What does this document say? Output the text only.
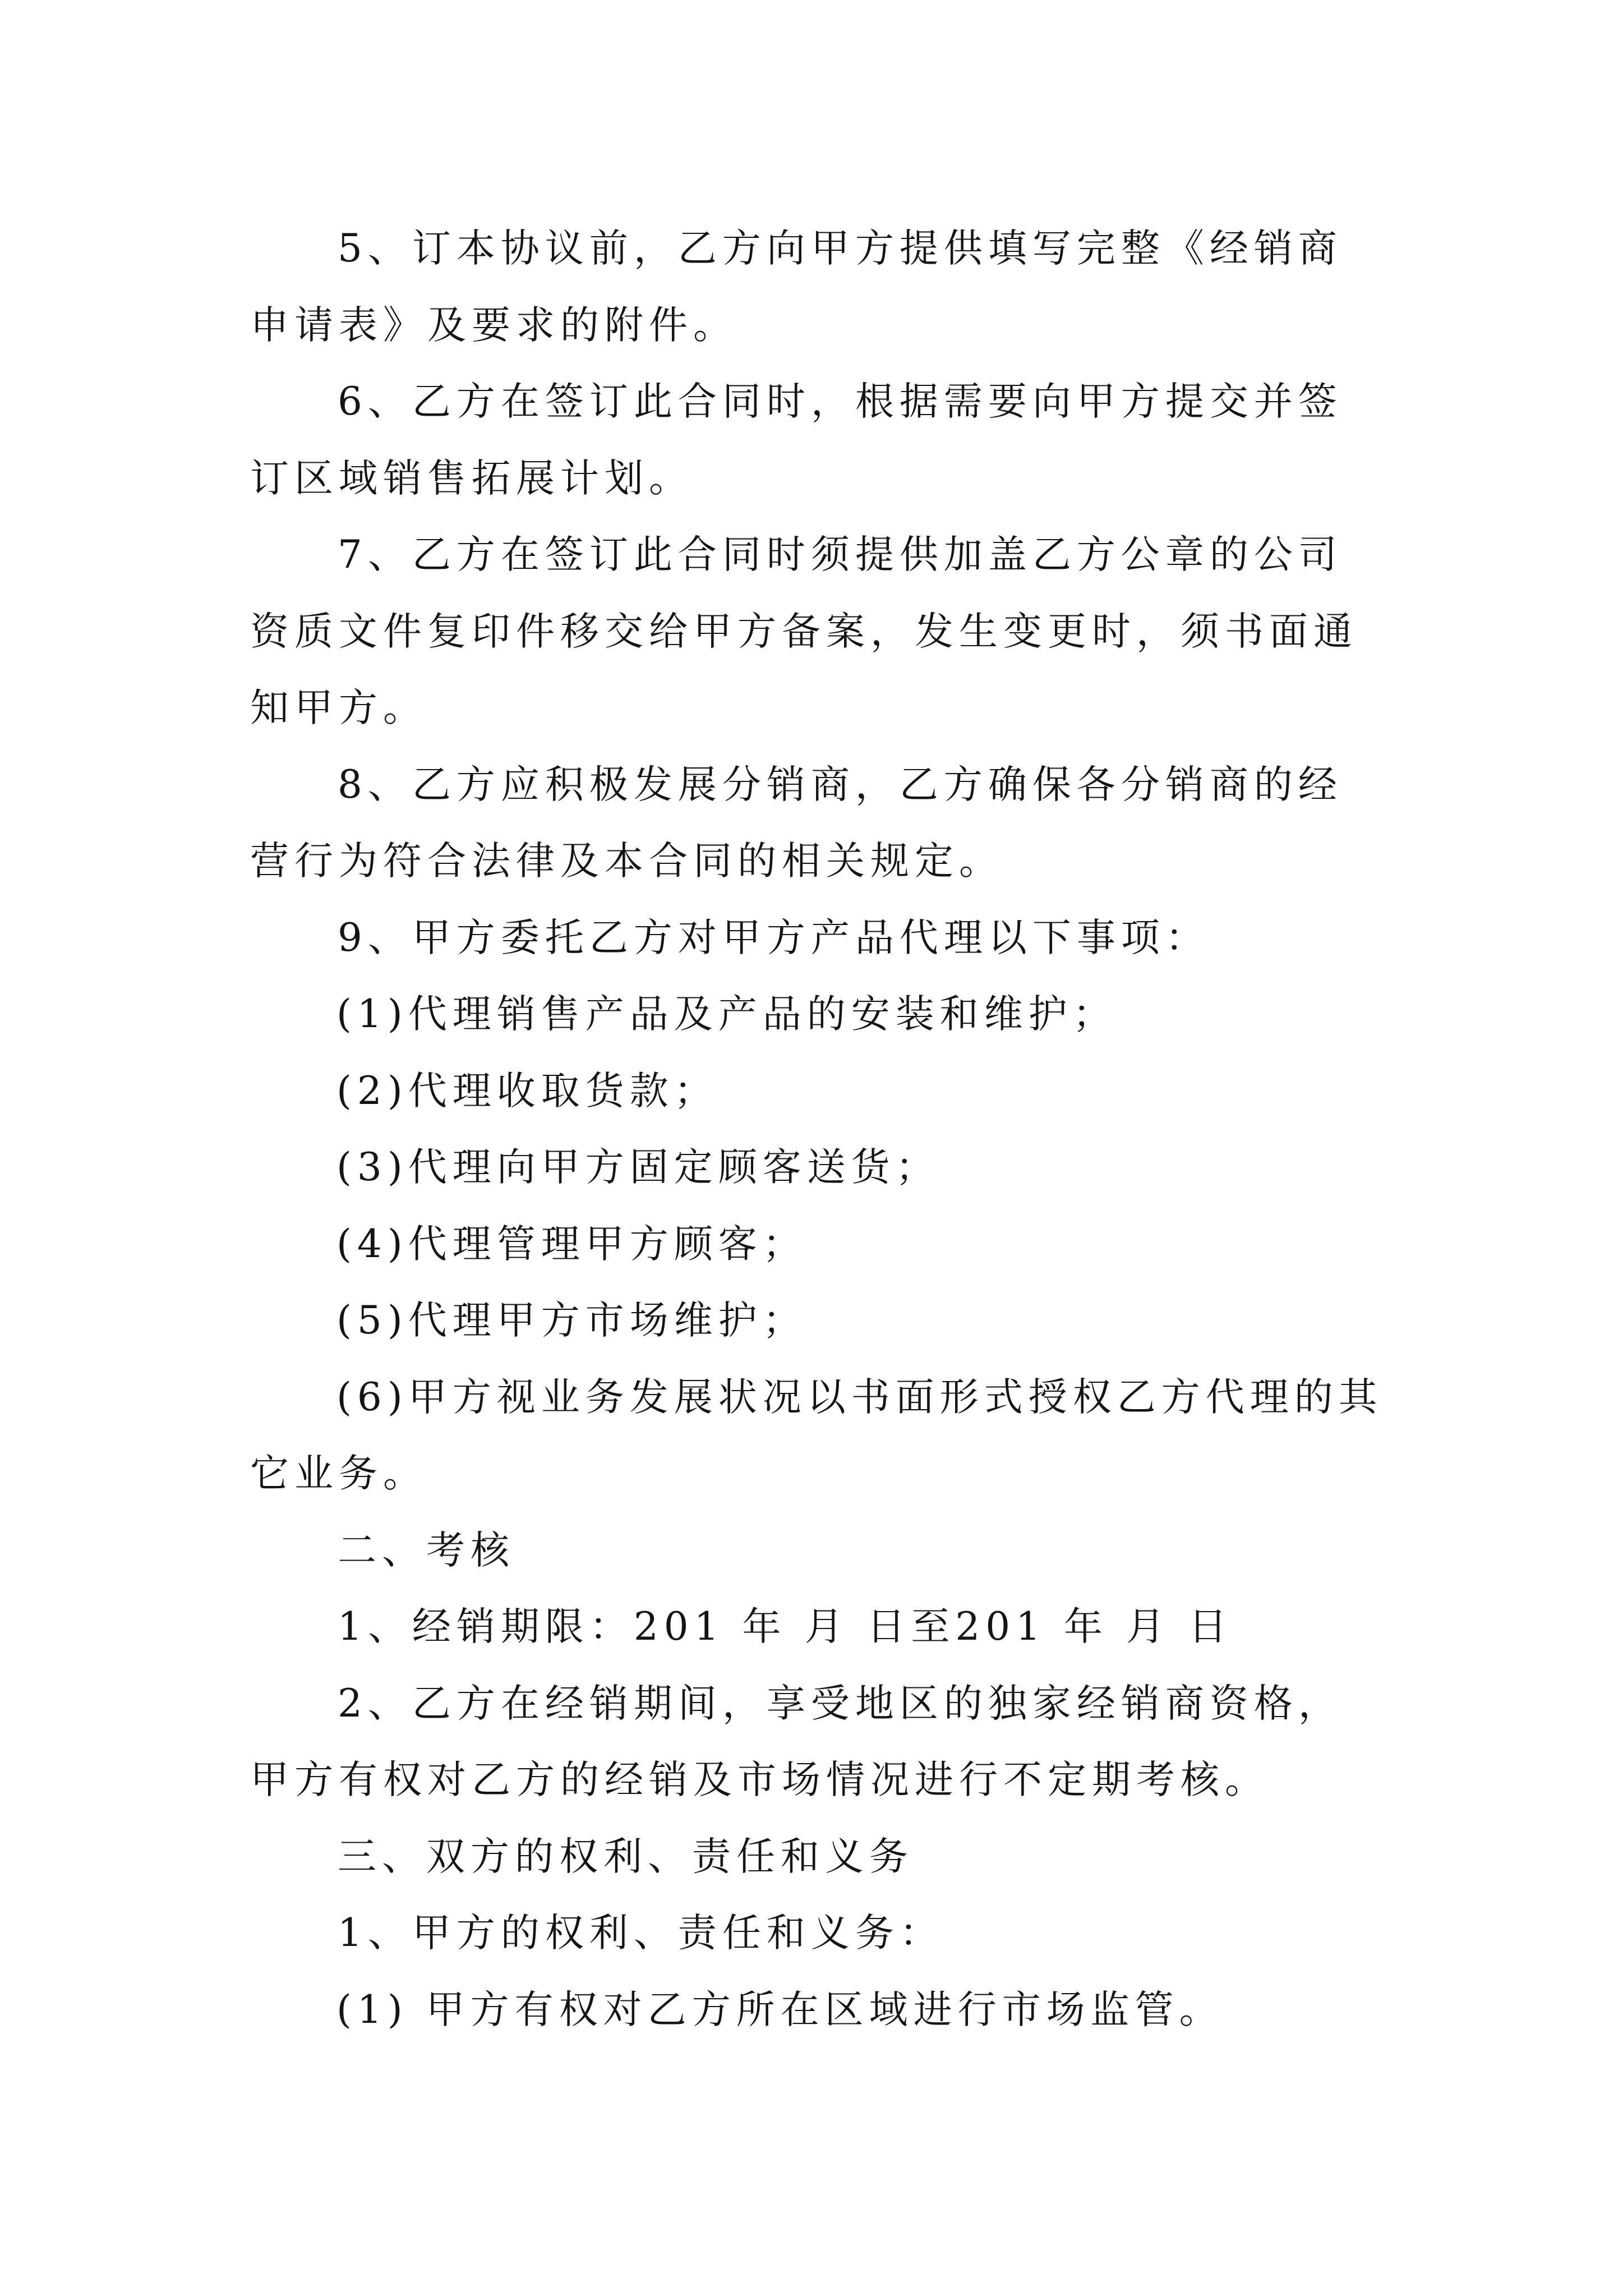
5、订本协议前，乙方向甲方提供填写完整《经销商申请表》及要求的附件。

6、乙方在签订此合同时，根据需要向甲方提交并签订区域销售拓展计划。

7、乙方在签订此合同时须提供加盖乙方公章的公司资质文件复印件移交给甲方备案，发生变更时，须书面通知甲方。

8、乙方应积极发展分销商，乙方确保各分销商的经营行为符合法律及本合同的相关规定。

9、甲方委托乙方对甲方产品代理以下事项：

(1)代理销售产品及产品的安装和维护；

(2)代理收取货款；

(3)代理向甲方固定顾客送货；

(4)代理管理甲方顾客；

(5)代理甲方市场维护；

(6)甲方视业务发展状况以书面形式授权乙方代理的其它业务。

二、考核

1、经销期限：201 年 月 日至201 年 月 日

2、乙方在经销期间，享受地区的独家经销商资格，甲方有权对乙方的经销及市场情况进行不定期考核。

三、双方的权利、责任和义务

1、甲方的权利、责任和义务：

(1) 甲方有权对乙方所在区域进行市场监管。
